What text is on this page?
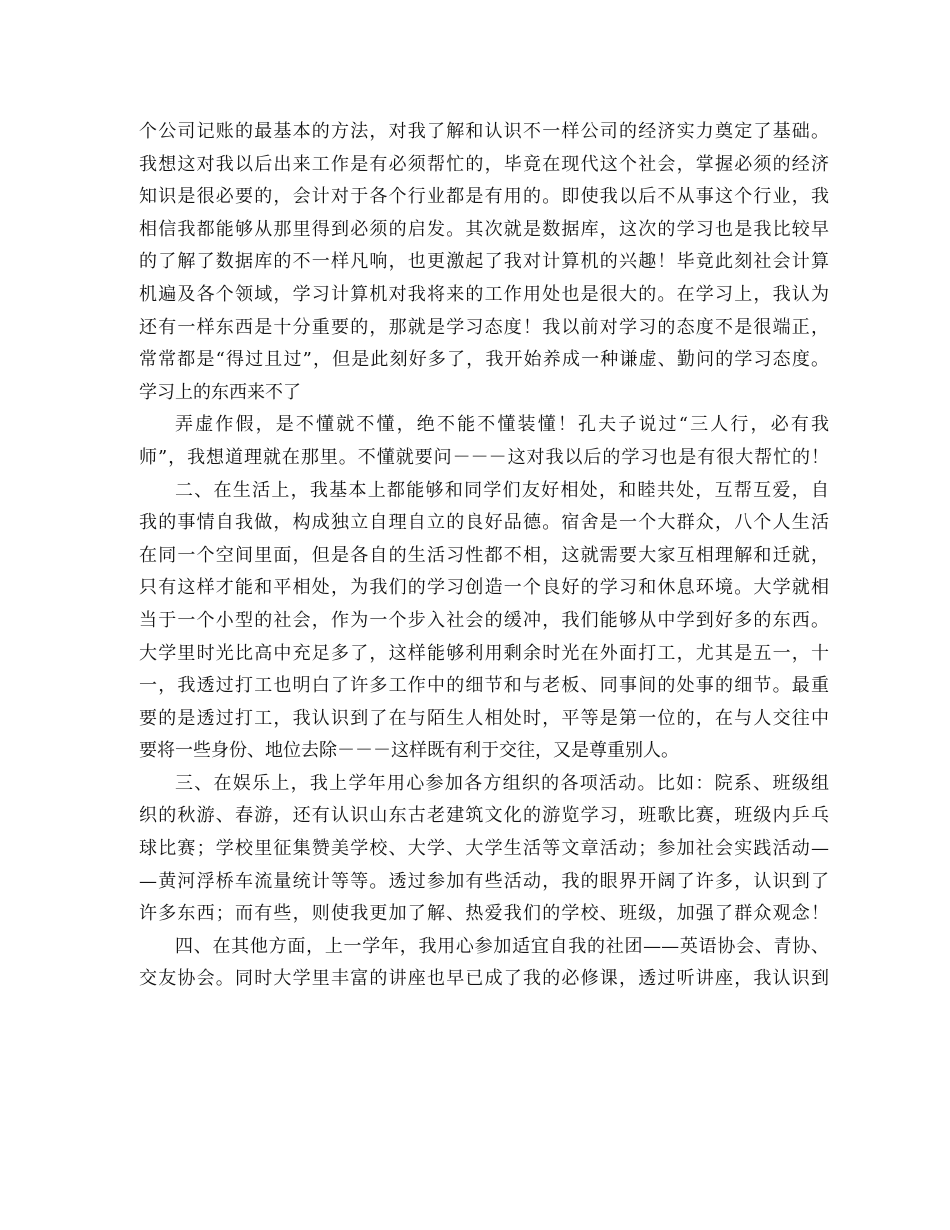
个公司记账的最基本的方法，对我了解和认识不一样公司的经济实力奠定了基础。
我想这对我以后出来工作是有必须帮忙的，毕竟在现代这个社会，掌握必须的经济
知识是很必要的，会计对于各个行业都是有用的。即使我以后不从事这个行业，我
相信我都能够从那里得到必须的启发。其次就是数据库，这次的学习也是我比较早
的了解了数据库的不一样凡响，也更激起了我对计算机的兴趣！毕竟此刻社会计算
机遍及各个领域，学习计算机对我将来的工作用处也是很大的。在学习上，我认为
还有一样东西是十分重要的，那就是学习态度！我以前对学习的态度不是很端正，
常常都是“得过且过”，但是此刻好多了，我开始养成一种谦虚、勤问的学习态度。
学习上的东西来不了
弄虚作假，是不懂就不懂，绝不能不懂装懂！孔夫子说过“三人行，必有我
师”，我想道理就在那里。不懂就要问－－－这对我以后的学习也是有很大帮忙的！
二、在生活上，我基本上都能够和同学们友好相处，和睦共处，互帮互爱，自
我的事情自我做，构成独立自理自立的良好品德。宿舍是一个大群众，八个人生活
在同一个空间里面，但是各自的生活习性都不相，这就需要大家互相理解和迁就，
只有这样才能和平相处，为我们的学习创造一个良好的学习和休息环境。大学就相
当于一个小型的社会，作为一个步入社会的缓冲，我们能够从中学到好多的东西。
大学里时光比高中充足多了，这样能够利用剩余时光在外面打工，尤其是五一，十
一，我透过打工也明白了许多工作中的细节和与老板、同事间的处事的细节。最重
要的是透过打工，我认识到了在与陌生人相处时，平等是第一位的，在与人交往中
要将一些身份、地位去除－－－这样既有利于交往，又是尊重别人。
三、在娱乐上，我上学年用心参加各方组织的各项活动。比如：院系、班级组
织的秋游、春游，还有认识山东古老建筑文化的游览学习，班歌比赛，班级内乒乓
球比赛；学校里征集赞美学校、大学、大学生活等文章活动；参加社会实践活动—
—黄河浮桥车流量统计等等。透过参加有些活动，我的眼界开阔了许多，认识到了
许多东西；而有些，则使我更加了解、热爱我们的学校、班级，加强了群众观念！
四、在其他方面，上一学年，我用心参加适宜自我的社团——英语协会、青协、
交友协会。同时大学里丰富的讲座也早已成了我的必修课，透过听讲座，我认识到
